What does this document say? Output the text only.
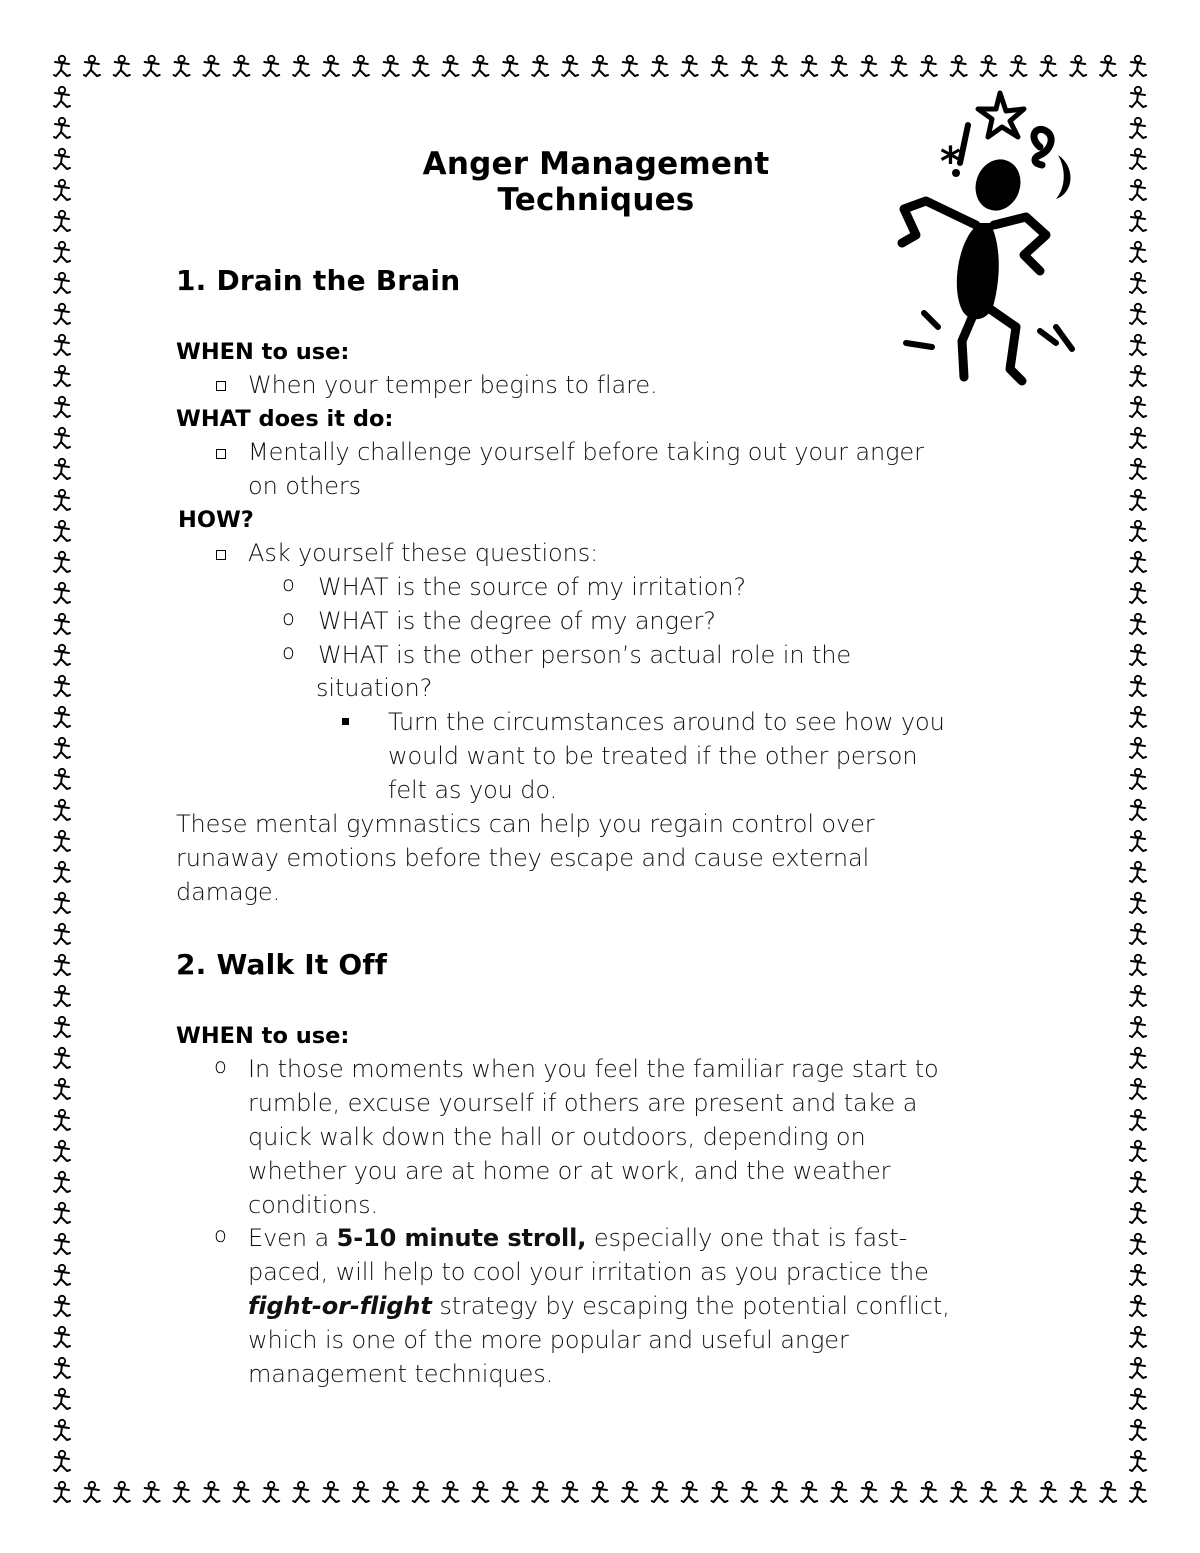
*
Anger Management Techniques
1. Drain the Brain
WHEN to use:
When your temper begins to flare.
WHAT does it do:
Mentally challenge yourself before taking out your anger
on others
HOW?
Ask yourself these questions:
o WHAT is the source of my irritation?
o WHAT is the degree of my anger?
o WHAT is the other person’s actual role in the
situation?
Turn the circumstances around to see how you
would want to be treated if the other person
felt as you do.
These mental gymnastics can help you regain control over
runaway emotions before they escape and cause external
damage.
2. Walk It Off
WHEN to use:
o In those moments when you feel the familiar rage start to
rumble, excuse yourself if others are present and take a
quick walk down the hall or outdoors, depending on
whether you are at home or at work, and the weather
conditions.
o Even a 5-10 minute stroll, especially one that is fast-
paced, will help to cool your irritation as you practice the
fight-or-flight strategy by escaping the potential conflict,
which is one of the more popular and useful anger
management techniques.
